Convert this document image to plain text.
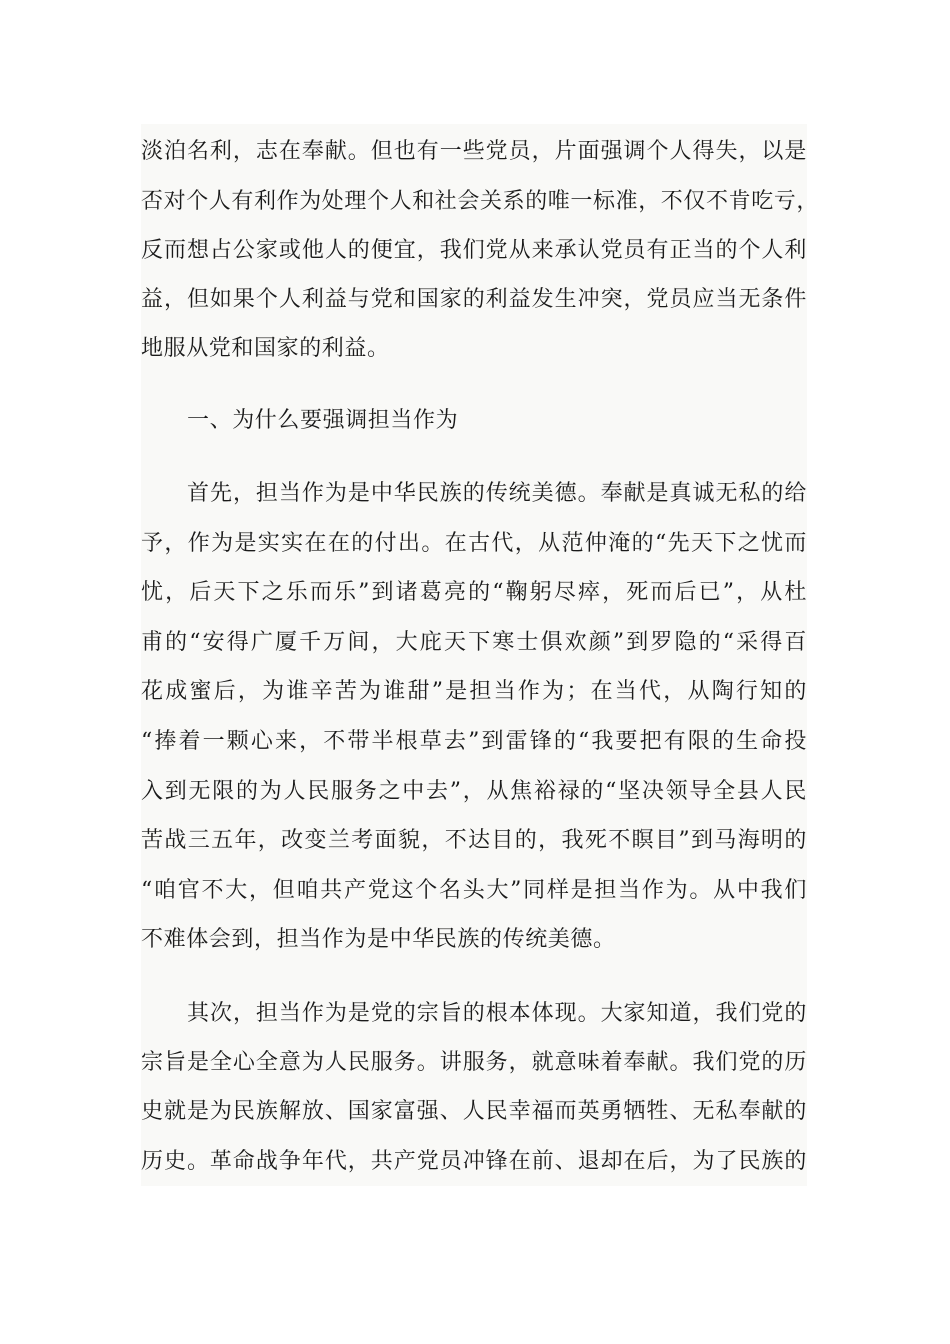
淡泊名利，志在奉献。但也有一些党员，片面强调个人得失，以是
否对个人有利作为处理个人和社会关系的唯一标准，不仅不肯吃亏，
反而想占公家或他人的便宜，我们党从来承认党员有正当的个人利
益，但如果个人利益与党和国家的利益发生冲突，党员应当无条件
地服从党和国家的利益。
一、为什么要强调担当作为
首先，担当作为是中华民族的传统美德。奉献是真诚无私的给
予，作为是实实在在的付出。在古代，从范仲淹的“先天下之忧而
忧，后天下之乐而乐”到诸葛亮的“鞠躬尽瘁，死而后已”，从杜
甫的“安得广厦千万间，大庇天下寒士俱欢颜”到罗隐的“采得百
花成蜜后，为谁辛苦为谁甜”是担当作为；在当代，从陶行知的
“捧着一颗心来，不带半根草去”到雷锋的“我要把有限的生命投
入到无限的为人民服务之中去”，从焦裕禄的“坚决领导全县人民
苦战三五年，改变兰考面貌，不达目的，我死不瞑目”到马海明的
“咱官不大，但咱共产党这个名头大”同样是担当作为。从中我们
不难体会到，担当作为是中华民族的传统美德。
其次，担当作为是党的宗旨的根本体现。大家知道，我们党的
宗旨是全心全意为人民服务。讲服务，就意味着奉献。我们党的历
史就是为民族解放、国家富强、人民幸福而英勇牺牲、无私奉献的
历史。革命战争年代，共产党员冲锋在前、退却在后，为了民族的
